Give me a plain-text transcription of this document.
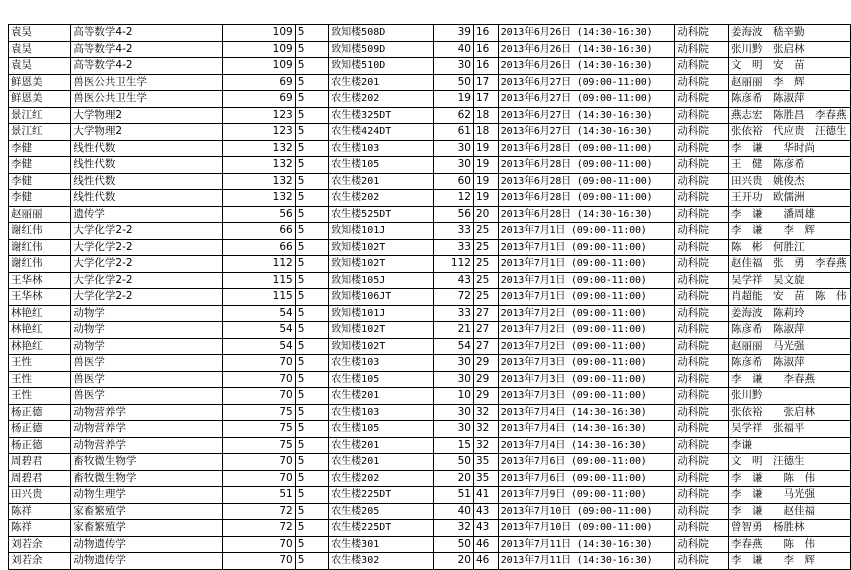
袁昊	高等数学4-2	109	5	致知楼508D	39	16	2013年6月26日 (14:30-16:30)	动科院	姜海波　嵇辛勤
袁昊	高等数学4-2	109	5	致知楼509D	40	16	2013年6月26日 (14:30-16:30)	动科院	张川黔　张启林
袁昊	高等数学4-2	109	5	致知楼510D	30	16	2013年6月26日 (14:30-16:30)	动科院	文　明　安　苗
鲜恩美	兽医公共卫生学	69	5	农生楼201	50	17	2013年6月27日 (09:00-11:00)	动科院	赵丽丽　李　辉
鲜恩美	兽医公共卫生学	69	5	农生楼202	19	17	2013年6月27日 (09:00-11:00)	动科院	陈彦希　陈淑萍
景江红	大学物理2	123	5	农生楼325DT	62	18	2013年6月27日 (14:30-16:30)	动科院	燕志宏　陈胜昌　李春燕
景江红	大学物理2	123	5	农生楼424DT	61	18	2013年6月27日 (14:30-16:30)	动科院	张依裕　代应贵　汪德生
李健	线性代数	132	5	农生楼103	30	19	2013年6月28日 (09:00-11:00)	动科院	李　谦　　华时尚
李健	线性代数	132	5	农生楼105	30	19	2013年6月28日 (09:00-11:00)	动科院	王　健　陈彦希
李健	线性代数	132	5	农生楼201	60	19	2013年6月28日 (09:00-11:00)	动科院	田兴贵　姚俊杰
李健	线性代数	132	5	农生楼202	12	19	2013年6月28日 (09:00-11:00)	动科院	王开功　欧儒洲
赵丽丽	遗传学	56	5	农生楼525DT	56	20	2013年6月28日 (14:30-16:30)	动科院	李　谦　　潘周雄
谢红伟	大学化学2-2	66	5	致知楼101J	33	25	2013年7月1日 (09:00-11:00)	动科院	李　谦　　李　辉
谢红伟	大学化学2-2	66	5	致知楼102T	33	25	2013年7月1日 (09:00-11:00)	动科院	陈　彬　何胜江
谢红伟	大学化学2-2	112	5	致知楼102T	112	25	2013年7月1日 (09:00-11:00)	动科院	赵佳福　张　勇　李春燕
王华林	大学化学2-2	115	5	致知楼105J	43	25	2013年7月1日 (09:00-11:00)	动科院	吴学祥　吴文旋
王华林	大学化学2-2	115	5	致知楼106JT	72	25	2013年7月1日 (09:00-11:00)	动科院	肖超能　安　苗　陈　伟
林艳红	动物学	54	5	致知楼101J	33	27	2013年7月2日 (09:00-11:00)	动科院	姜海波　陈莉玲
林艳红	动物学	54	5	致知楼102T	21	27	2013年7月2日 (09:00-11:00)	动科院	陈彦希　陈淑萍
林艳红	动物学	54	5	致知楼102T	54	27	2013年7月2日 (09:00-11:00)	动科院	赵丽丽　马光强
王性	兽医学	70	5	农生楼103	30	29	2013年7月3日 (09:00-11:00)	动科院	陈彦希　陈淑萍
王性	兽医学	70	5	农生楼105	30	29	2013年7月3日 (09:00-11:00)	动科院	李　谦　　李春燕
王性	兽医学	70	5	农生楼201	10	29	2013年7月3日 (09:00-11:00)	动科院	张川黔
杨正德	动物营养学	75	5	农生楼103	30	32	2013年7月4日 (14:30-16:30)	动科院	张依裕　　张启林
杨正德	动物营养学	75	5	农生楼105	30	32	2013年7月4日 (14:30-16:30)	动科院	吴学祥　张福平
杨正德	动物营养学	75	5	农生楼201	15	32	2013年7月4日 (14:30-16:30)	动科院	李谦
周碧君	畜牧微生物学	70	5	农生楼201	50	35	2013年7月6日 (09:00-11:00)	动科院	文　明　汪德生
周碧君	畜牧微生物学	70	5	农生楼202	20	35	2013年7月6日 (09:00-11:00)	动科院	李　谦　　陈　伟
田兴贵	动物生理学	51	5	农生楼225DT	51	41	2013年7月9日 (09:00-11:00)	动科院	李　谦　　马光强
陈祥	家畜繁殖学	72	5	农生楼205	40	43	2013年7月10日 (09:00-11:00)	动科院	李　谦　　赵佳福
陈祥	家畜繁殖学	72	5	农生楼225DT	32	43	2013年7月10日 (09:00-11:00)	动科院	曾智勇　杨胜林
刘若余	动物遗传学	70	5	农生楼301	50	46	2013年7月11日 (14:30-16:30)	动科院	李春燕　　陈　伟
刘若余	动物遗传学	70	5	农生楼302	20	46	2013年7月11日 (14:30-16:30)	动科院	李　谦　　李　辉
